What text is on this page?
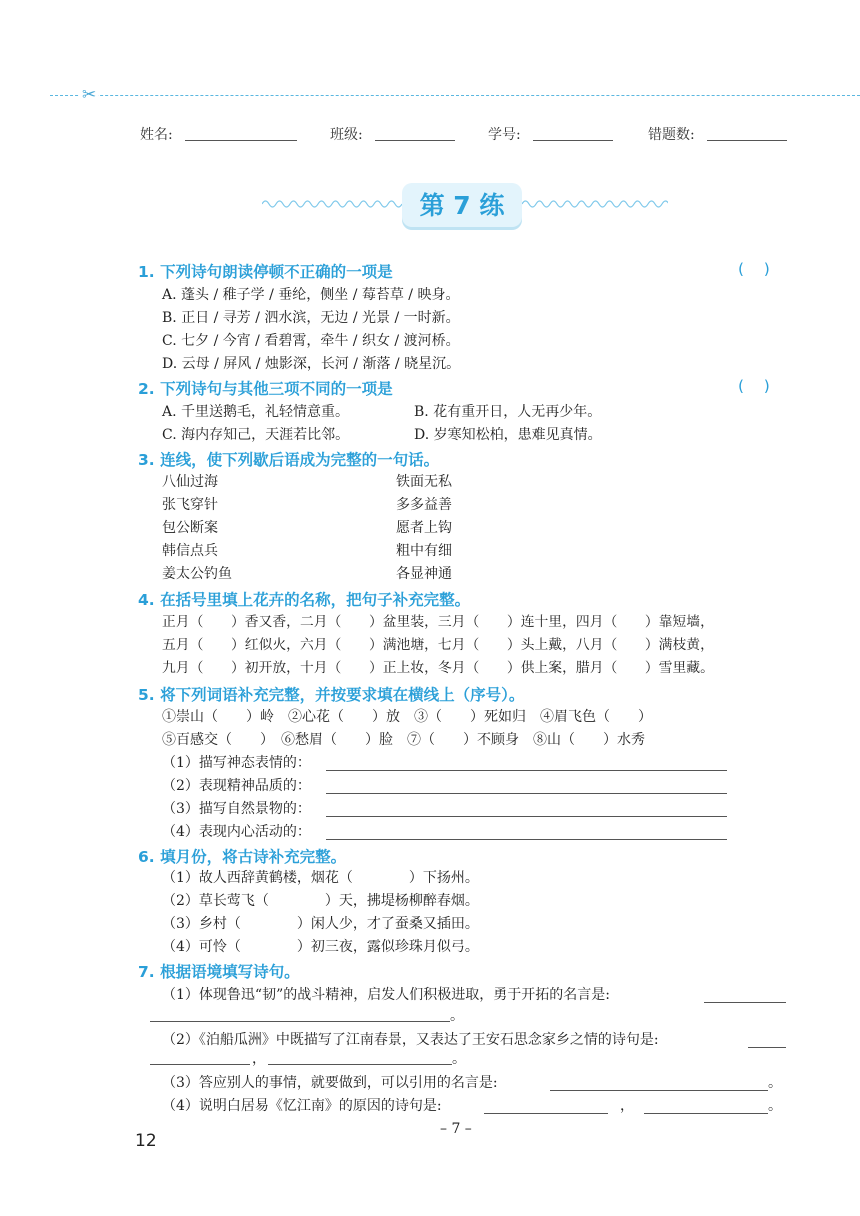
✂
姓名:	班级:	学号:	错题数:
第 7 练
1. 下列诗句朗读停顿不正确的一项是	(    )
A. 蓬头 / 稚子学 / 垂纶，侧坐 / 莓苔草 / 映身。
B. 正日 / 寻芳 / 泗水滨，无边 / 光景 / 一时新。
C. 七夕 / 今宵 / 看碧霄，牵牛 / 织女 / 渡河桥。
D. 云母 / 屏风 / 烛影深，长河 / 渐落 / 晓星沉。
2. 下列诗句与其他三项不同的一项是	(    )
A. 千里送鹅毛，礼轻情意重。	B. 花有重开日，人无再少年。
C. 海内存知己，天涯若比邻。	D. 岁寒知松柏，患难见真情。
3. 连线，使下列歇后语成为完整的一句话。
八仙过海
张飞穿针
包公断案
韩信点兵
姜太公钓鱼
铁面无私
多多益善
愿者上钩
粗中有细
各显神通
4. 在括号里填上花卉的名称，把句子补充完整。
正月（　　）香又香，二月（　　）盆里装，三月（　　）连十里，四月（　　）靠短墙，
五月（　　）红似火，六月（　　）满池塘，七月（　　）头上戴，八月（　　）满枝黄，
九月（　　）初开放，十月（　　）正上妆，冬月（　　）供上案，腊月（　　）雪里藏。
5. 将下列词语补充完整，并按要求填在横线上（序号）。
①崇山（　　）岭　②心花（　　）放　③（　　）死如归　④眉飞色（　　）
⑤百感交（　　）　⑥愁眉（　　）脸　⑦（　　）不顾身　⑧山（　　）水秀
（1）描写神态表情的：
（2）表现精神品质的：
（3）描写自然景物的：
（4）表现内心活动的：
6. 填月份，将古诗补充完整。
（1）故人西辞黄鹤楼，烟花（　　　　）下扬州。
（2）草长莺飞（　　　　）天，拂堤杨柳醉春烟。
（3）乡村（　　　　）闲人少，才了蚕桑又插田。
（4）可怜（　　　　）初三夜，露似珍珠月似弓。
7. 根据语境填写诗句。
（1）体现鲁迅“韧”的战斗精神，启发人们积极进取，勇于开拓的名言是:
。
（2）《泊船瓜洲》中既描写了江南春景，又表达了王安石思念家乡之情的诗句是:
，	。
（3）答应别人的事情，就要做到，可以引用的名言是:	。
（4）说明白居易《忆江南》的原因的诗句是:	，	。
– 7 –
12
